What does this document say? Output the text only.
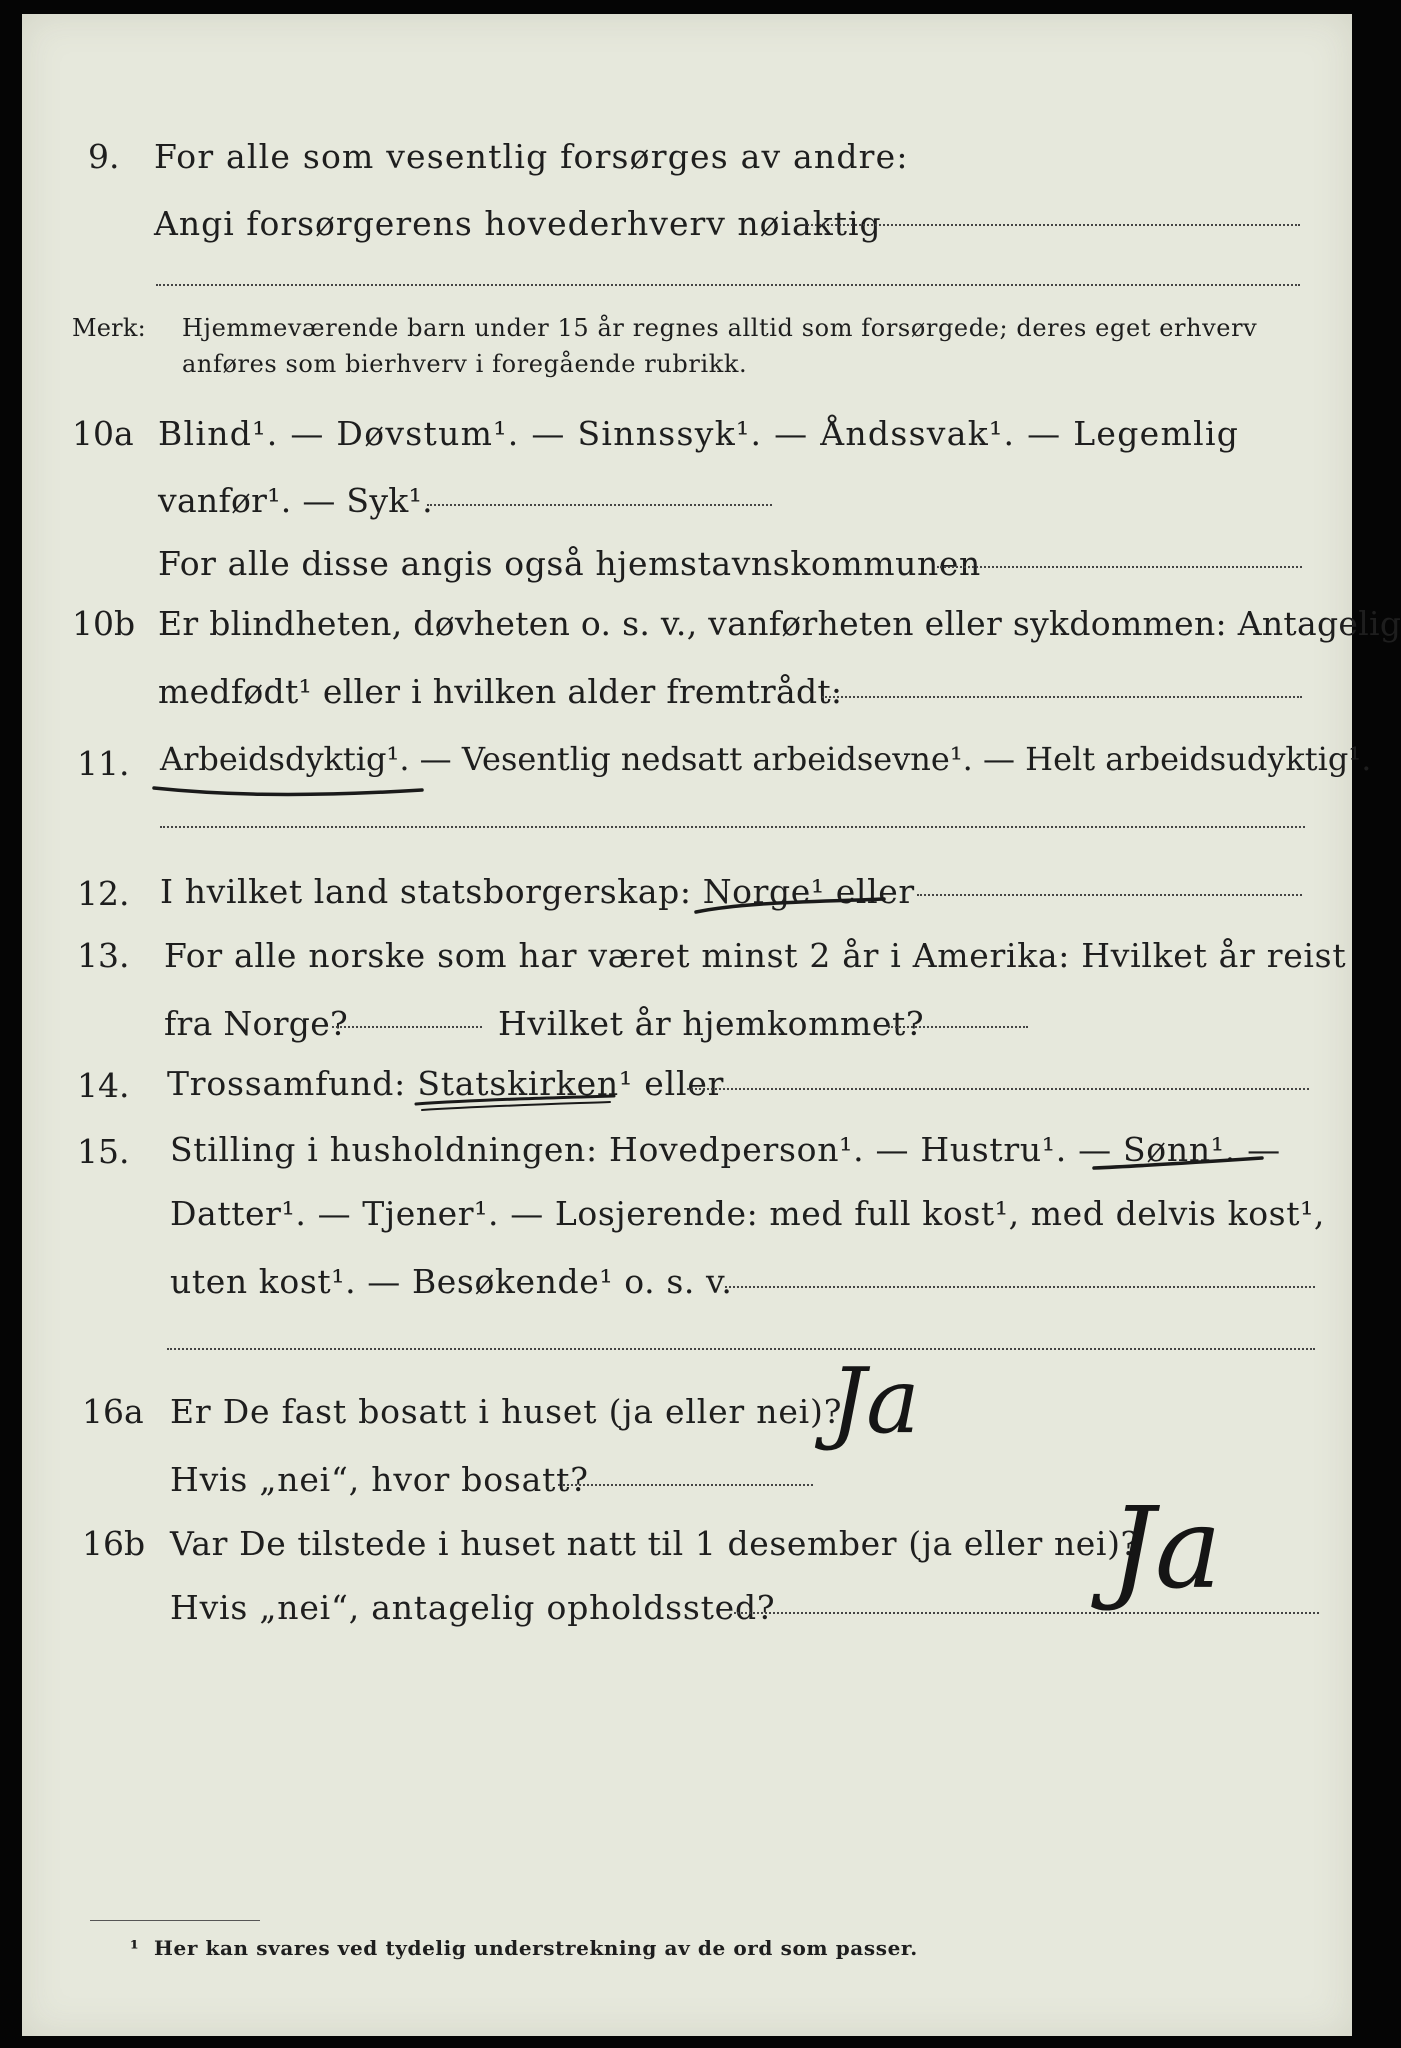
9. For alle som vesentlig forsørges av andre:
Angi forsørgerens hovederhverv nøiaktig
Merk: Hjemmeværende barn under 15 år regnes alltid som forsørgede; deres eget erhverv
anføres som bierhverv i foregående rubrikk.
10a Blind¹. — Døvstum¹. — Sinnssyk¹. — Åndssvak¹. — Legemlig
vanfør¹. — Syk¹.
For alle disse angis også hjemstavnskommunen
10b Er blindheten, døvheten o. s. v., vanførheten eller sykdommen: Antagelig
medfødt¹ eller i hvilken alder fremtrådt:
11. Arbeidsdyktig¹. — Vesentlig nedsatt arbeidsevne¹. — Helt arbeidsudyktig¹.
12. I hvilket land statsborgerskap: Norge¹ eller
13. For alle norske som har været minst 2 år i Amerika: Hvilket år reist
fra Norge?	Hvilket år hjemkommet?
14. Trossamfund: Statskirken¹ eller
15. Stilling i husholdningen: Hovedperson¹. — Hustru¹. — Sønn¹. —
Datter¹. — Tjener¹. — Losjerende: med full kost¹, med delvis kost¹,
uten kost¹. — Besøkende¹ o. s. v.
16a Er De fast bosatt i huset (ja eller nei)?
Ja
Hvis „nei“, hvor bosatt?
16b Var De tilstede i huset natt til 1 desember (ja eller nei)?
Ja
Hvis „nei“, antagelig opholdssted?
¹ Her kan svares ved tydelig understrekning av de ord som passer.
